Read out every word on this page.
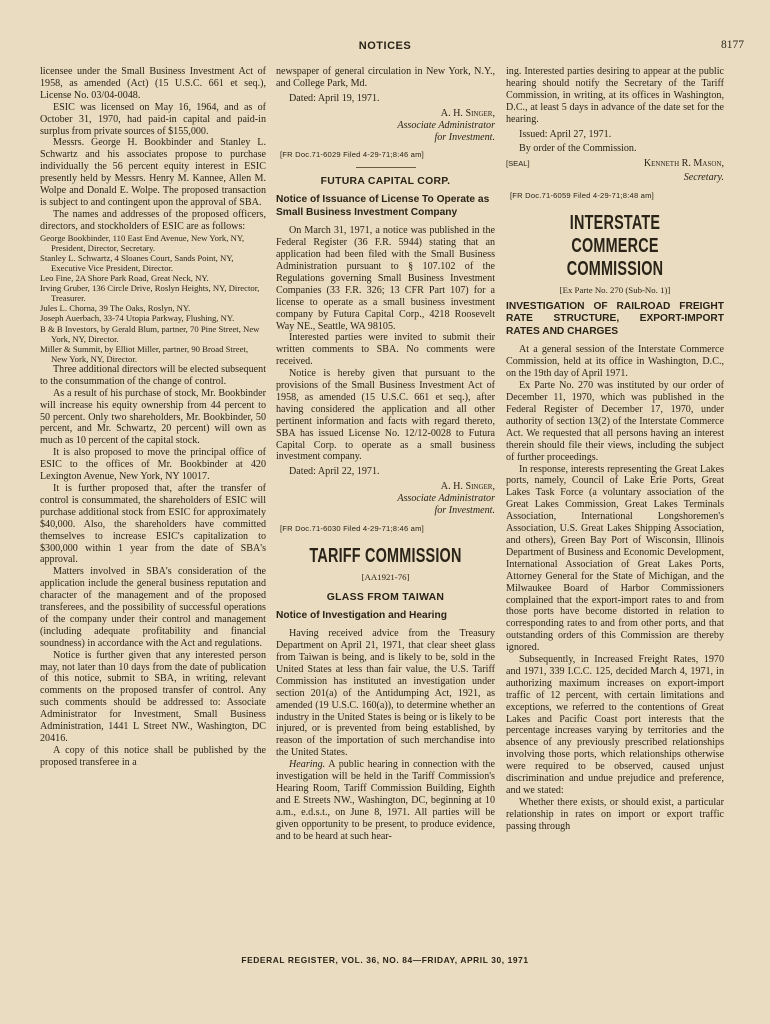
NOTICES	8177

licensee under the Small Business Investment Act of 1958, as amended (Act) (15 U.S.C. 661 et seq.), License No. 03/04-0048.

ESIC was licensed on May 16, 1964, and as of October 31, 1970, had paid-in capital and paid-in surplus from private sources of $155,000.

Messrs. George H. Bookbinder and Stanley L. Schwartz and his associates propose to purchase individually the 56 percent equity interest in ESIC presently held by Messrs. Henry M. Kannee, Allen M. Wolpe and Donald E. Wolpe. The proposed transaction is subject to and contingent upon the approval of SBA.

The names and addresses of the proposed officers, directors, and stockholders of ESIC are as follows:

George Bookbinder, 110 East End Avenue, New York, NY, President, Director, Secretary.

Stanley L. Schwartz, 4 Sloanes Court, Sands Point, NY, Executive Vice President, Director.

Leo Fine, 2A Shore Park Road, Great Neck, NY.

Irving Gruber, 136 Circle Drive, Roslyn Heights, NY, Director, Treasurer.

Jules L. Chorna, 39 The Oaks, Roslyn, NY.

Joseph Auerbach, 33-74 Utopia Parkway, Flushing, NY.

B & B Investors, by Gerald Blum, partner, 70 Pine Street, New York, NY, Director.

Miller & Summit, by Elliot Miller, partner, 90 Broad Street, New York, NY, Director.

Three additional directors will be elected subsequent to the consummation of the change of control.

As a result of his purchase of stock, Mr. Bookbinder will increase his equity ownership from 44 percent to 50 percent. Only two shareholders, Mr. Bookbinder, 50 percent, and Mr. Schwartz, 20 percent) will own as much as 10 percent of the capital stock.

It is also proposed to move the principal office of ESIC to the offices of Mr. Bookbinder at 420 Lexington Avenue, New York, NY 10017.

It is further proposed that, after the transfer of control is consummated, the shareholders of ESIC will purchase additional stock from ESIC for approximately $40,000. Also, the shareholders have committed themselves to increase ESIC's capitalization to $300,000 within 1 year from the date of SBA's approval.

Matters involved in SBA's consideration of the application include the general business reputation and character of the management and of the proposed transferees, and the possibility of successful operations of the company under their control and management (including adequate profitability and financial soundness) in accordance with the Act and regulations.

Notice is further given that any interested person may, not later than 10 days from the date of publication of this notice, submit to SBA, in writing, relevant comments on the proposed transfer of control. Any such comments should be addressed to: Associate Administrator for Investment, Small Business Administration, 1441 L Street NW., Washington, DC 20416.

A copy of this notice shall be published by the proposed transferee in a

newspaper of general circulation in New York, N.Y., and College Park, Md.

Dated: April 19, 1971.

A. H. Singer,
Associate Administrator
for Investment.

[FR Doc.71-6029 Filed 4-29-71;8:46 am]

FUTURA CAPITAL CORP.

Notice of Issuance of License To Operate as Small Business Investment Company

On March 31, 1971, a notice was published in the Federal Register (36 F.R. 5944) stating that an application had been filed with the Small Business Administration pursuant to § 107.102 of the Regulations governing Small Business Investment Companies (33 F.R. 326; 13 CFR Part 107) for a license to operate as a small business investment company by Futura Capital Corp., 4218 Roosevelt Way NE., Seattle, WA 98105.

Interested parties were invited to submit their written comments to SBA. No comments were received.

Notice is hereby given that pursuant to the provisions of the Small Business Investment Act of 1958, as amended (15 U.S.C. 661 et seq.), after having considered the application and all other pertinent information and facts with regard thereto, SBA has issued License No. 12/12-0028 to Futura Capital Corp. to operate as a small business investment company.

Dated: April 22, 1971.

A. H. Singer,
Associate Administrator
for Investment.

[FR Doc.71-6030 Filed 4-29-71;8:46 am]

TARIFF COMMISSION

[AA1921-76]

GLASS FROM TAIWAN

Notice of Investigation and Hearing

Having received advice from the Treasury Department on April 21, 1971, that clear sheet glass from Taiwan is being, and is likely to be, sold in the United States at less than fair value, the U.S. Tariff Commission has instituted an investigation under section 201(a) of the Antidumping Act, 1921, as amended (19 U.S.C. 160(a)), to determine whether an industry in the United States is being or is likely to be injured, or is prevented from being established, by reason of the importation of such merchandise into the United States.

Hearing. A public hearing in connection with the investigation will be held in the Tariff Commission's Hearing Room, Tariff Commission Building, Eighth and E Streets NW., Washington, DC, beginning at 10 a.m., e.d.s.t., on June 8, 1971. All parties will be given opportunity to be present, to produce evidence, and to be heard at such hear-

ing. Interested parties desiring to appear at the public hearing should notify the Secretary of the Tariff Commission, in writing, at its offices in Washington, D.C., at least 5 days in advance of the date set for the hearing.

Issued: April 27, 1971.

By order of the Commission.

[SEAL]	Kenneth R. Mason,

Secretary.

[FR Doc.71-6059 Filed 4-29-71;8:48 am]

INTERSTATE COMMERCE COMMISSION

[Ex Parte No. 270 (Sub-No. 1)]

INVESTIGATION OF RAILROAD FREIGHT RATE STRUCTURE, EXPORT-IMPORT RATES AND CHARGES

At a general session of the Interstate Commerce Commission, held at its office in Washington, D.C., on the 19th day of April 1971.

Ex Parte No. 270 was instituted by our order of December 11, 1970, which was published in the Federal Register of December 17, 1970, under authority of section 13(2) of the Interstate Commerce Act. We requested that all persons having an interest therein should file their views, including the subject of further proceedings.

In response, interests representing the Great Lakes ports, namely, Council of Lake Erie Ports, Great Lakes Task Force (a voluntary association of the Great Lakes Commission, Great Lakes Terminals Association, International Longshoremen's Association, U.S. Great Lakes Shipping Association, and others), Green Bay Port of Wisconsin, Illinois Department of Business and Economic Development, International Association of Great Lakes Ports, Attorney General for the State of Michigan, and the Milwaukee Board of Harbor Commissioners complained that the export-import rates to and from those ports have become distorted in relation to corresponding rates to and from other ports, and that outstanding orders of this Commission are thereby ignored.

Subsequently, in Increased Freight Rates, 1970 and 1971, 339 I.C.C. 125, decided March 4, 1971, in authorizing maximum increases on export-import traffic of 12 percent, with certain limitations and exceptions, we referred to the contentions of Great Lakes and Pacific Coast port interests that the percentage increases varying by territories and the absence of any previously prescribed relationships involving those ports, which relationships otherwise were required to be observed, caused unjust discrimination and undue prejudice and preference, and we stated:

Whether there exists, or should exist, a particular relationship in rates on import or export traffic passing through

FEDERAL REGISTER, VOL. 36, NO. 84—FRIDAY, APRIL 30, 1971
